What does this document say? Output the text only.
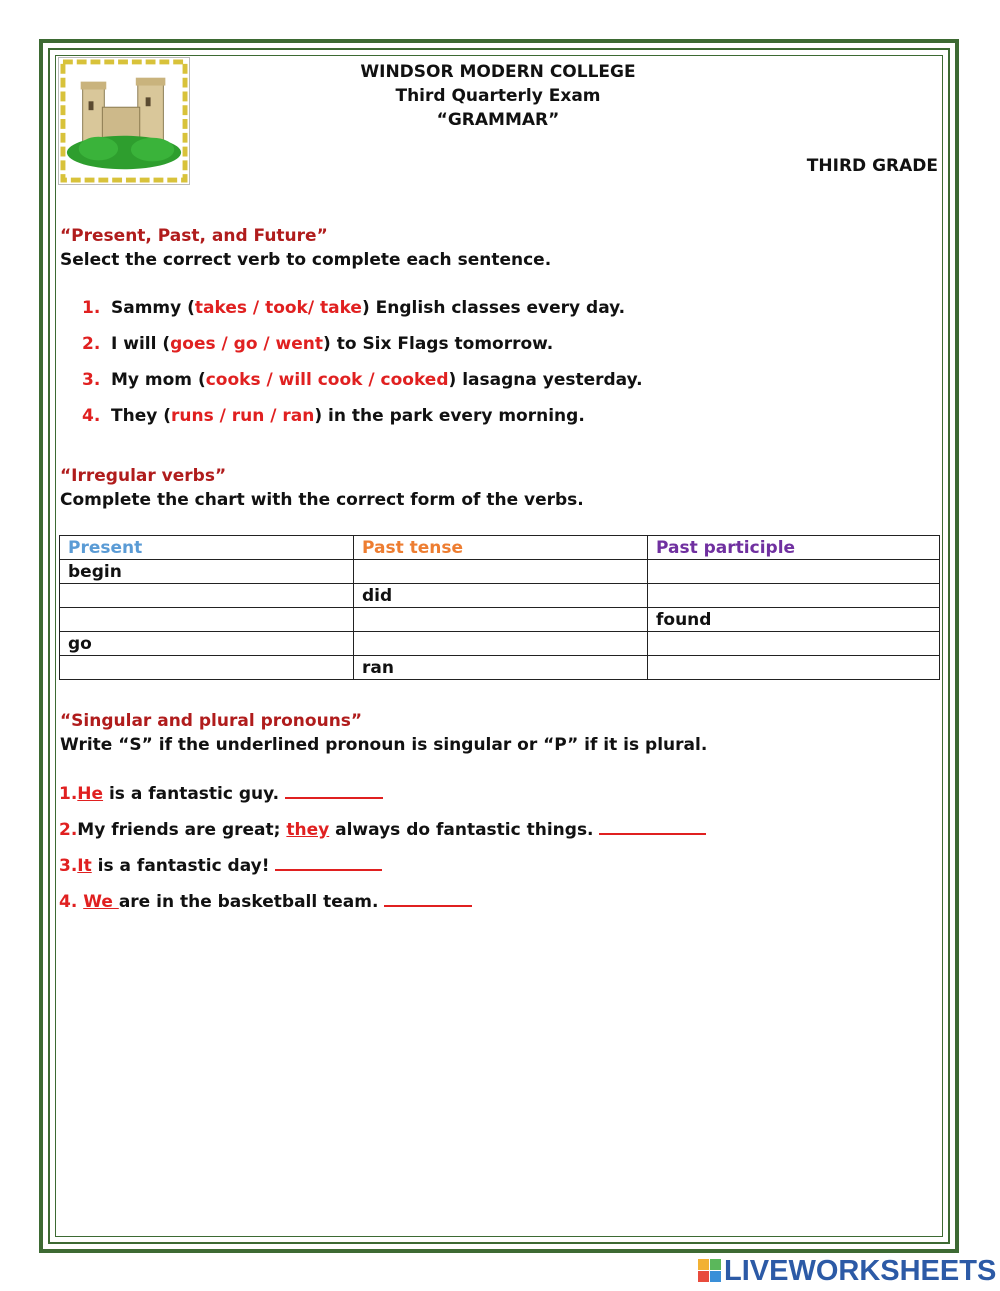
WINDSOR MODERN COLLEGE
Third Quarterly Exam
“GRAMMAR”
THIRD GRADE
“Present, Past, and Future”
Select the correct verb to complete each sentence.
1. Sammy (takes / took/ take) English classes every day.
2. I will (goes / go / went) to Six Flags tomorrow.
3. My mom (cooks / will cook / cooked) lasagna yesterday.
4. They (runs / run / ran) in the park every morning.
“Irregular verbs”
Complete the chart with the correct form of the verbs.
Present	Past tense	Past participle
begin		
	did	
		found
go		
	ran	
“Singular and plural pronouns”
Write “S” if the underlined pronoun is singular or “P” if it is plural.
1.He is a fantastic guy.
2.My friends are great; they always do fantastic things.
3.It is a fantastic day!
4. We are in the basketball team.
LIVEWORKSHEETS
